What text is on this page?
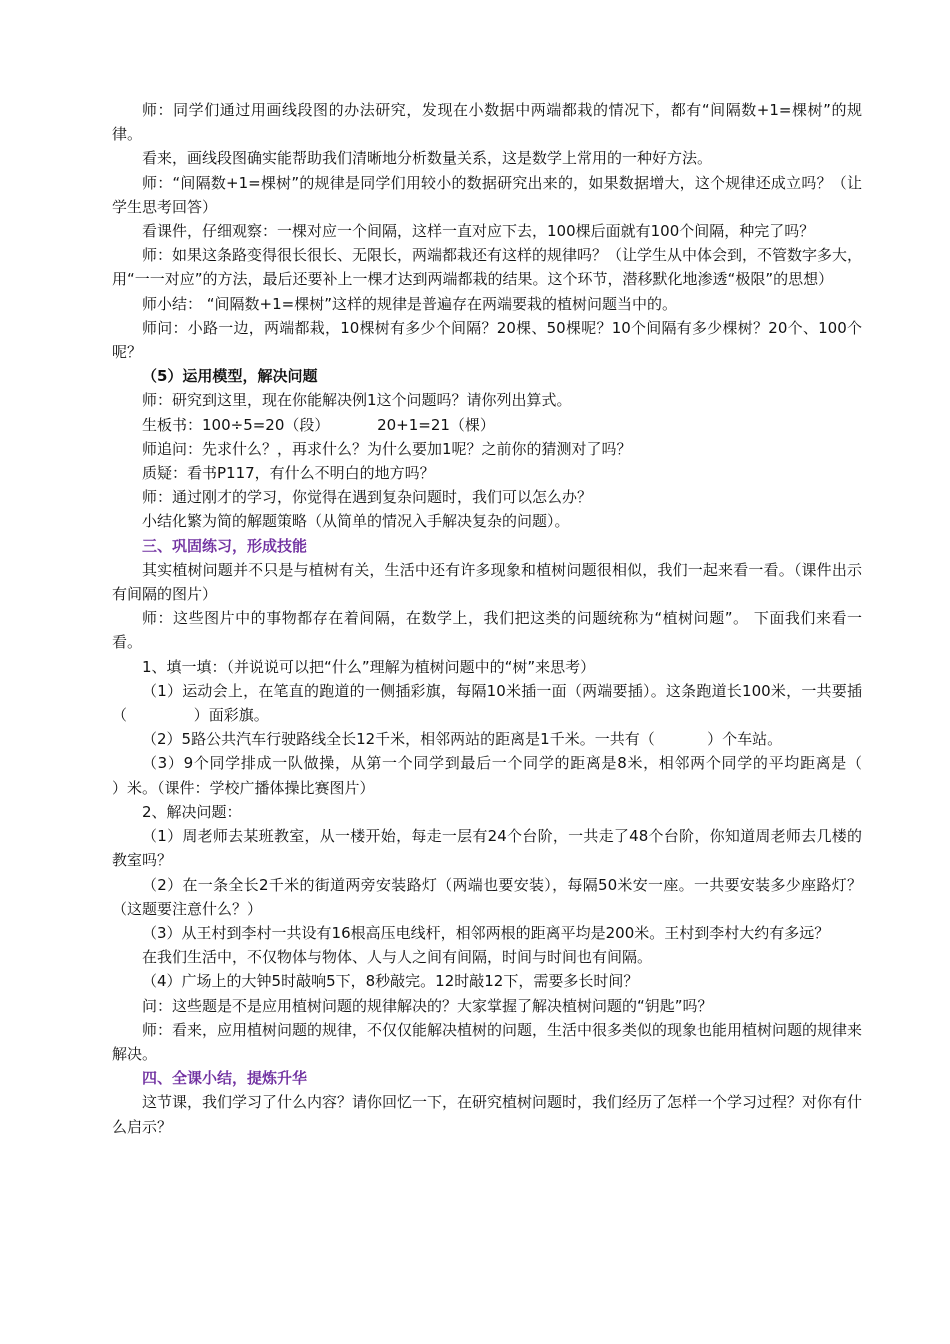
师：同学们通过用画线段图的办法研究，发现在小数据中两端都栽的情况下，都有“间隔数+1=棵树”的规律。

看来，画线段图确实能帮助我们清晰地分析数量关系，这是数学上常用的一种好方法。

师：“间隔数+1=棵树”的规律是同学们用较小的数据研究出来的，如果数据增大，这个规律还成立吗？（让学生思考回答）

看课件，仔细观察：一棵对应一个间隔，这样一直对应下去，100棵后面就有100个间隔，种完了吗？

师：如果这条路变得很长很长、无限长，两端都栽还有这样的规律吗？（让学生从中体会到，不管数字多大，用“一一对应”的方法，最后还要补上一棵才达到两端都栽的结果。这个环节，潜移默化地渗透“极限”的思想）

师小结： “间隔数+1=棵树”这样的规律是普遍存在两端要栽的植树问题当中的。

师问：小路一边，两端都栽，10棵树有多少个间隔？20棵、50棵呢？10个间隔有多少棵树？20个、100个呢？

（5）运用模型，解决问题

师：研究到这里，现在你能解决例1这个问题吗？请你列出算式。

生板书：100÷5=20（段）          20+1=21（棵）

师追问：先求什么？，再求什么？为什么要加1呢？之前你的猜测对了吗？

质疑：看书P117，有什么不明白的地方吗？

师：通过刚才的学习，你觉得在遇到复杂问题时，我们可以怎么办？

小结化繁为简的解题策略（从简单的情况入手解决复杂的问题）。

三、巩固练习，形成技能

其实植树问题并不只是与植树有关，生活中还有许多现象和植树问题很相似，我们一起来看一看。（课件出示有间隔的图片）

师：这些图片中的事物都存在着间隔，在数学上，我们把这类的问题统称为“植树问题”。 下面我们来看一看。

1、填一填：（并说说可以把“什么”理解为植树问题中的“树”来思考）

（1）运动会上，在笔直的跑道的一侧插彩旗，每隔10米插一面（两端要插）。这条跑道长100米，一共要插（              ）面彩旗。

（2）5路公共汽车行驶路线全长12千米，相邻两站的距离是1千米。一共有（           ）个车站。

（3）9个同学排成一队做操，从第一个同学到最后一个同学的距离是8米，相邻两个同学的平均距离是（             ）米。（课件：学校广播体操比赛图片）

2、解决问题：

（1）周老师去某班教室，从一楼开始，每走一层有24个台阶，一共走了48个台阶，你知道周老师去几楼的教室吗？

（2）在一条全长2千米的街道两旁安装路灯（两端也要安装），每隔50米安一座。一共要安装多少座路灯？（这题要注意什么？）

（3）从王村到李村一共设有16根高压电线杆，相邻两根的距离平均是200米。王村到李村大约有多远？

在我们生活中，不仅物体与物体、人与人之间有间隔，时间与时间也有间隔。

（4）广场上的大钟5时敲响5下，8秒敲完。12时敲12下，需要多长时间？

问：这些题是不是应用植树问题的规律解决的？大家掌握了解决植树问题的“钥匙”吗？

师：看来，应用植树问题的规律，不仅仅能解决植树的问题，生活中很多类似的现象也能用植树问题的规律来解决。

四、全课小结，提炼升华

这节课，我们学习了什么内容？请你回忆一下，在研究植树问题时，我们经历了怎样一个学习过程？对你有什么启示？
